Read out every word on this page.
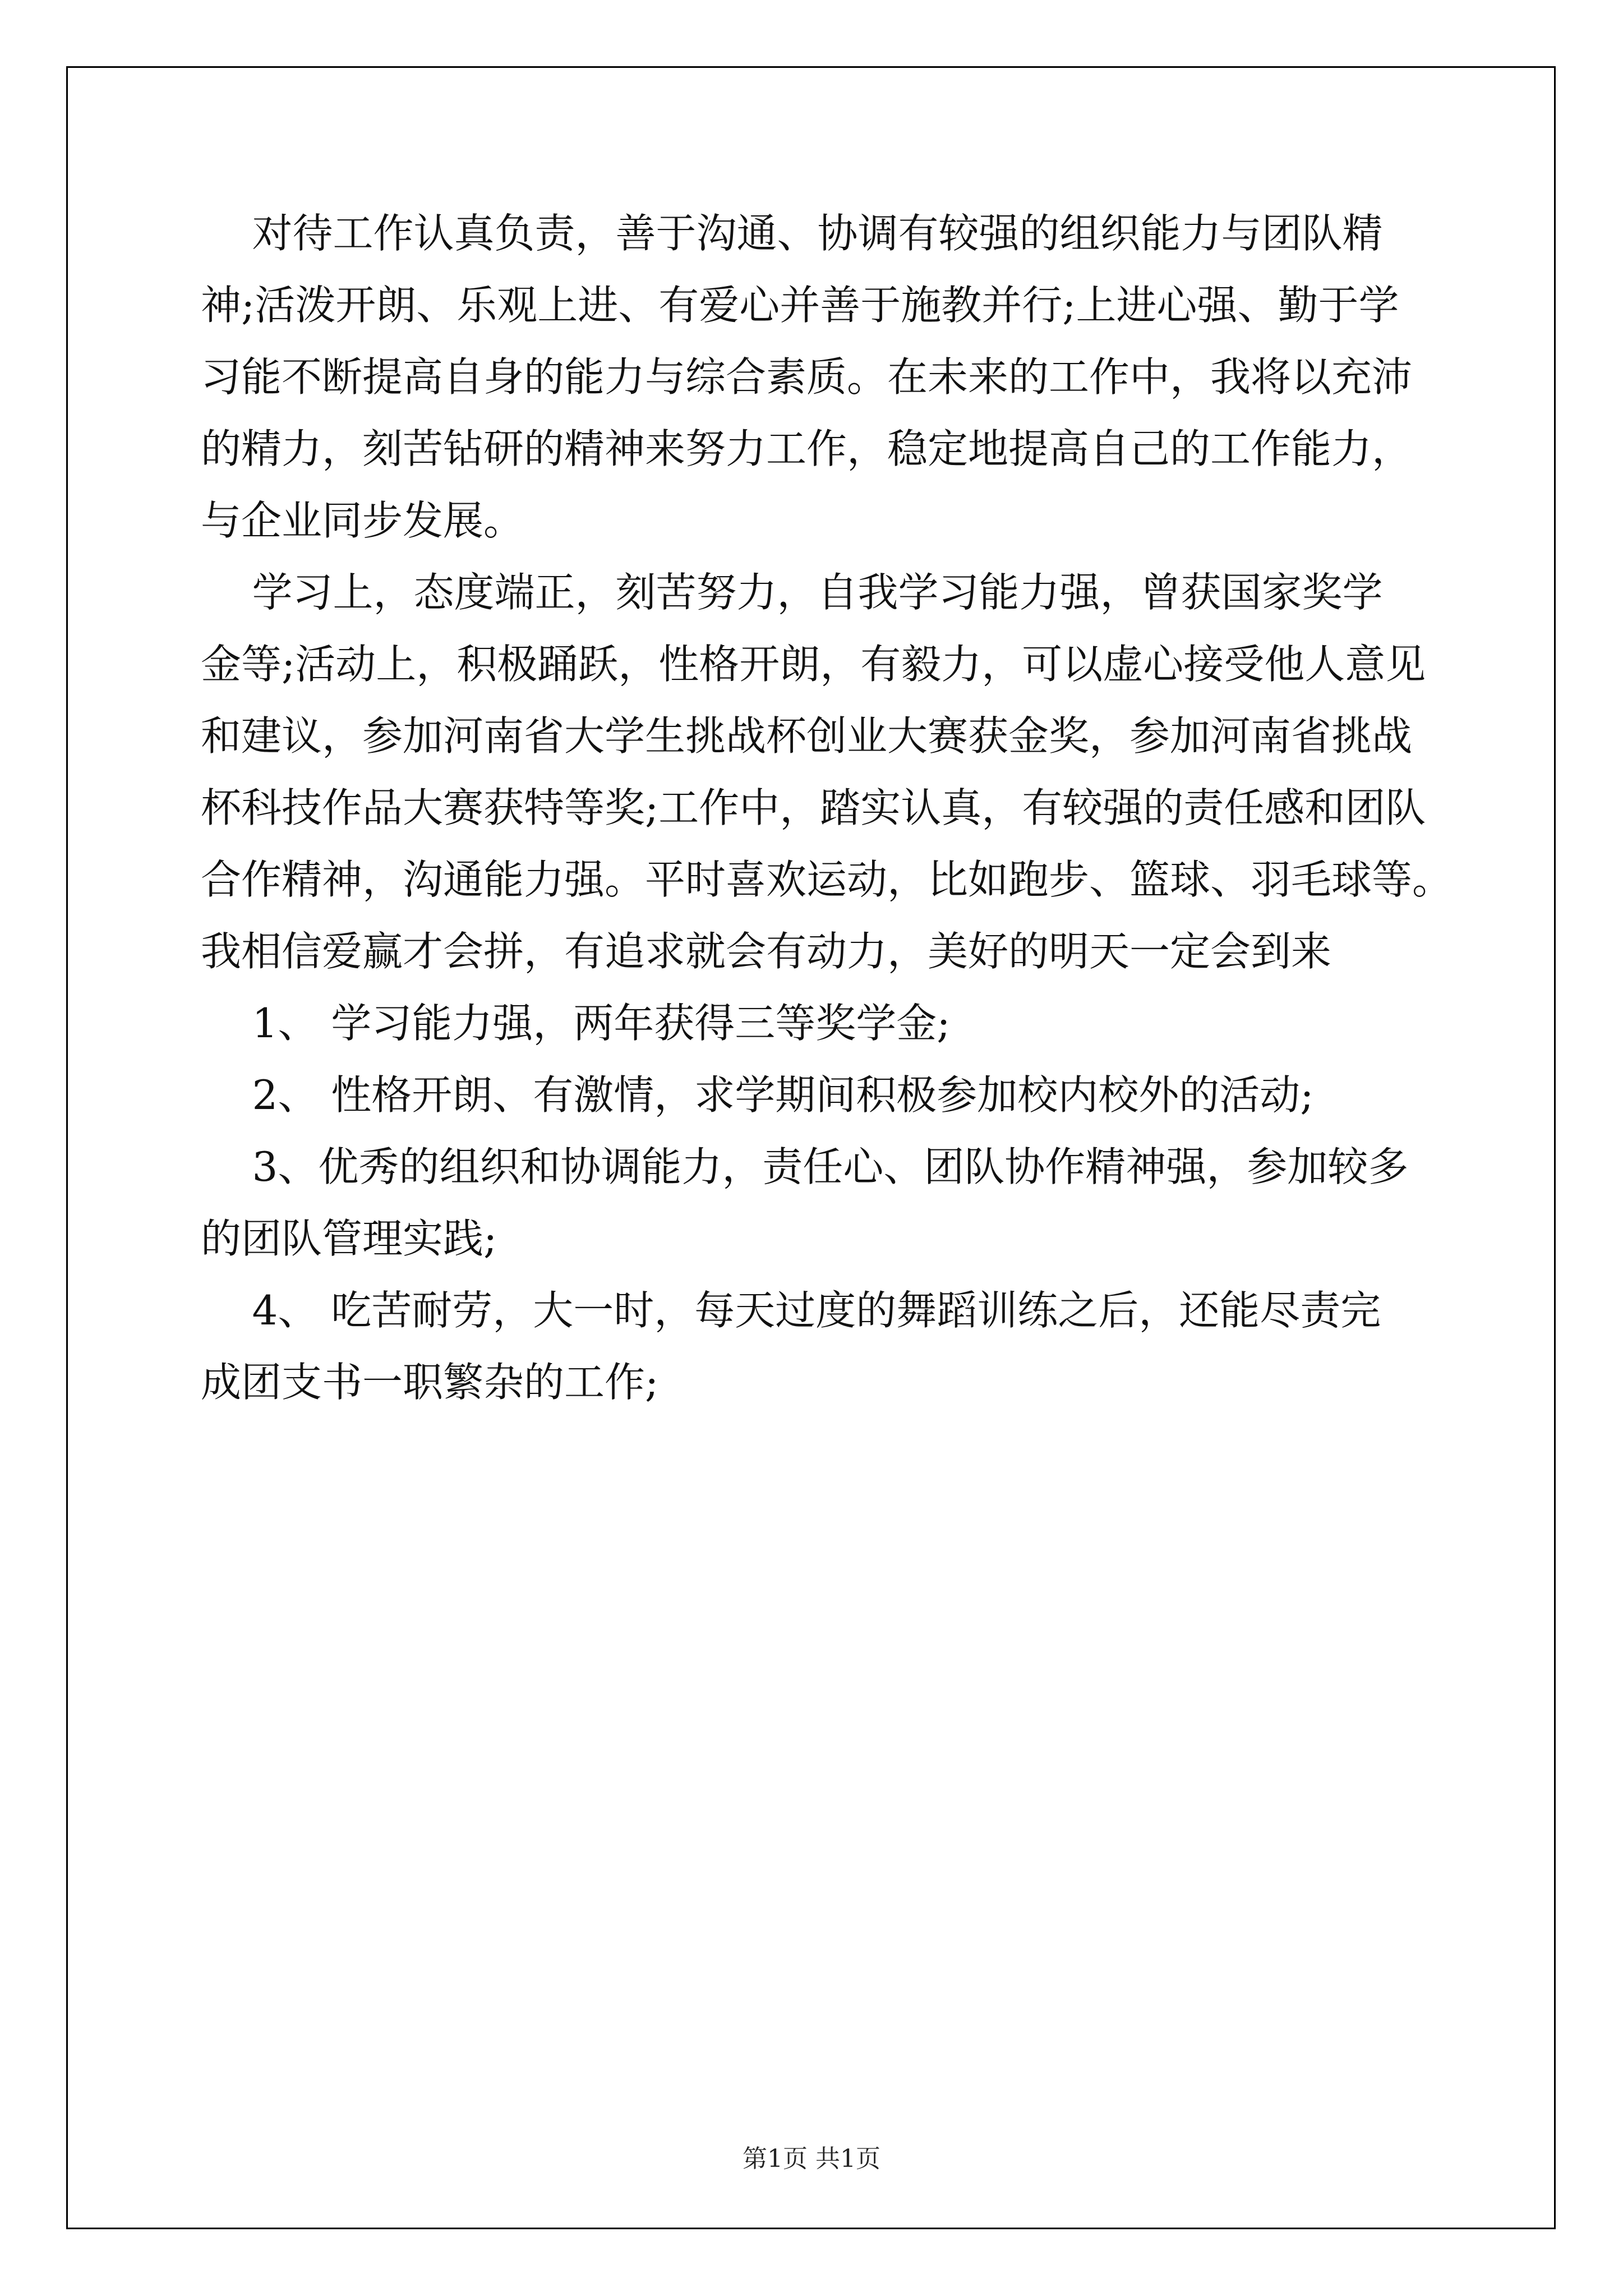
对待工作认真负责，善于沟通、协调有较强的组织能力与团队精
神;活泼开朗、乐观上进、有爱心并善于施教并行;上进心强、勤于学
习能不断提高自身的能力与综合素质。在未来的工作中，我将以充沛
的精力，刻苦钻研的精神来努力工作，稳定地提高自己的工作能力，
与企业同步发展。
学习上，态度端正，刻苦努力，自我学习能力强，曾获国家奖学
金等;活动上，积极踊跃，性格开朗，有毅力，可以虚心接受他人意见
和建议，参加河南省大学生挑战杯创业大赛获金奖，参加河南省挑战
杯科技作品大赛获特等奖;工作中，踏实认真，有较强的责任感和团队
合作精神，沟通能力强。平时喜欢运动，比如跑步、篮球、羽毛球等。
我相信爱赢才会拼，有追求就会有动力，美好的明天一定会到来
1、 学习能力强，两年获得三等奖学金;
2、 性格开朗、有激情，求学期间积极参加校内校外的活动;
3、优秀的组织和协调能力，责任心、团队协作精神强，参加较多
的团队管理实践;
4、 吃苦耐劳，大一时，每天过度的舞蹈训练之后，还能尽责完
成团支书一职繁杂的工作;
第1页 共1页
